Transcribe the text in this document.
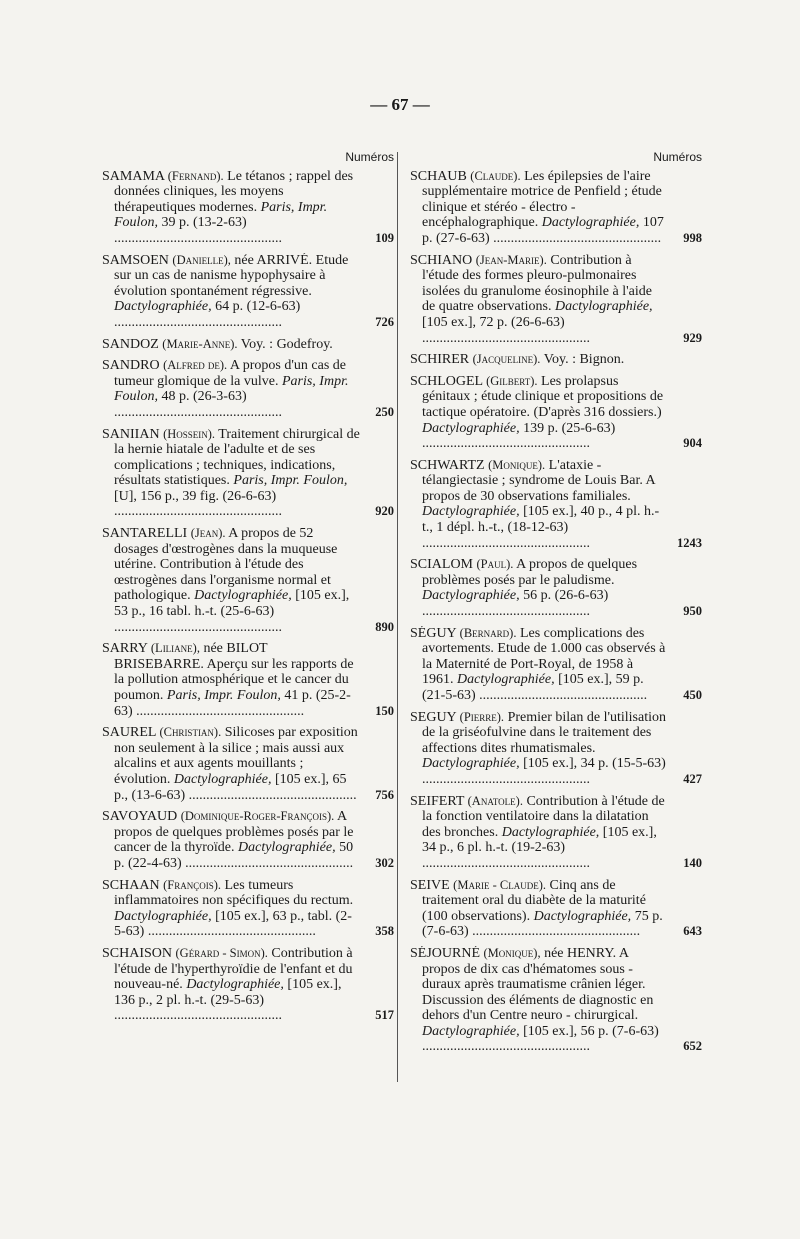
— 67 —
Numéros
SAMAMA (Fernand). Le tétanos ; rappel des données cliniques, les moyens thérapeutiques modernes. Paris, Impr. Foulon, 39 p. (13-2-63) .....
109
SAMSOEN (Danielle), née ARRIVÉ. Etude sur un cas de nanisme hypophysaire à évolution spontanément régressive. Dactylographiée, 64 p. (12-6-63) .....
726
SANDOZ (Marie-Anne). Voy. : Godefroy.
SANDRO (Alfred de). A propos d'un cas de tumeur glomique de la vulve. Paris, Impr. Foulon, 48 p. (26-3-63) .....
250
SANIIAN (Hossein). Traitement chirurgical de la hernie hiatale de l'adulte et de ses complications ; techniques, indications, résultats statistiques. Paris, Impr. Foulon, [U], 156 p., 39 fig. (26-6-63) .....
920
SANTARELLI (Jean). A propos de 52 dosages d'œstrogènes dans la muqueuse utérine. Contribution à l'étude des œstrogènes dans l'organisme normal et pathologique. Dactylographiée, [105 ex.], 53 p., 16 tabl. h.-t. (25-6-63) .....
890
SARRY (Liliane), née BILOT BRISEBARRE. Aperçu sur les rapports de la pollution atmosphérique et le cancer du poumon. Paris, Impr. Foulon, 41 p. (25-2-63) .....	150
SAUREL (Christian). Silicoses par exposition non seulement à la silice ; mais aussi aux alcalins et aux agents mouillants ; évolution. Dactylographiée, [105 ex.], 65 p., (13-6-63) .....	756
SAVOYAUD (Dominique-Roger-François). A propos de quelques problèmes posés par le cancer de la thyroïde. Dactylographiée, 50 p. (22-4-63) .....	302
SCHAAN (François). Les tumeurs inflammatoires non spécifiques du rectum. Dactylographiée, [105 ex.], 63 p., tabl. (2-5-63) .....	358
SCHAISON (Gérard - Simon). Contribution à l'étude de l'hyperthyroïdie de l'enfant et du nouveau-né. Dactylographiée, [105 ex.], 136 p., 2 pl. h.-t. (29-5-63) .....
517
Numéros
SCHAUB (Claude). Les épilepsies de l'aire supplémentaire motrice de Penfield ; étude clinique et stéréo - électro - encéphalographique. Dactylographiée, 107 p. (27-6-63) .....	998
SCHIANO (Jean-Marie). Contribution à l'étude des formes pleuro-pulmonaires isolées du granulome éosinophile à l'aide de quatre observations. Dactylographiée, [105 ex.], 72 p. (26-6-63) .....
929
SCHIRER (Jacqueline). Voy. : Bignon.
SCHLOGEL (Gilbert). Les prolapsus génitaux ; étude clinique et propositions de tactique opératoire. (D'après 316 dossiers.) Dactylographiée, 139 p. (25-6-63) .....
904
SCHWARTZ (Monique). L'ataxie - télangiectasie ; syndrome de Louis Bar. A propos de 30 observations familiales. Dactylographiée, [105 ex.], 40 p., 4 pl. h.-t., 1 dépl. h.-t., (18-12-63) .....
1243
SCIALOM (Paul). A propos de quelques problèmes posés par le paludisme. Dactylographiée, 56 p. (26-6-63) .....
950
SÉGUY (Bernard). Les complications des avortements. Etude de 1.000 cas observés à la Maternité de Port-Royal, de 1958 à 1961. Dactylographiée, [105 ex.], 59 p. (21-5-63) .....	450
SEGUY (Pierre). Premier bilan de l'utilisation de la griséofulvine dans le traitement des affections dites rhumatismales. Dactylographiée, [105 ex.], 34 p. (15-5-63) .....
427
SEIFERT (Anatole). Contribution à l'étude de la fonction ventilatoire dans la dilatation des bronches. Dactylographiée, [105 ex.], 34 p., 6 pl. h.-t. (19-2-63) .....
140
SEIVE (Marie - Claude). Cinq ans de traitement oral du diabète de la maturité (100 observations). Dactylographiée, 75 p. (7-6-63) .....	643
SÉJOURNÉ (Monique), née HENRY. A propos de dix cas d'hématomes sous - duraux après traumatisme crânien léger. Discussion des éléments de diagnostic en dehors d'un Centre neuro - chirurgical. Dactylographiée, [105 ex.], 56 p. (7-6-63) .....
652
